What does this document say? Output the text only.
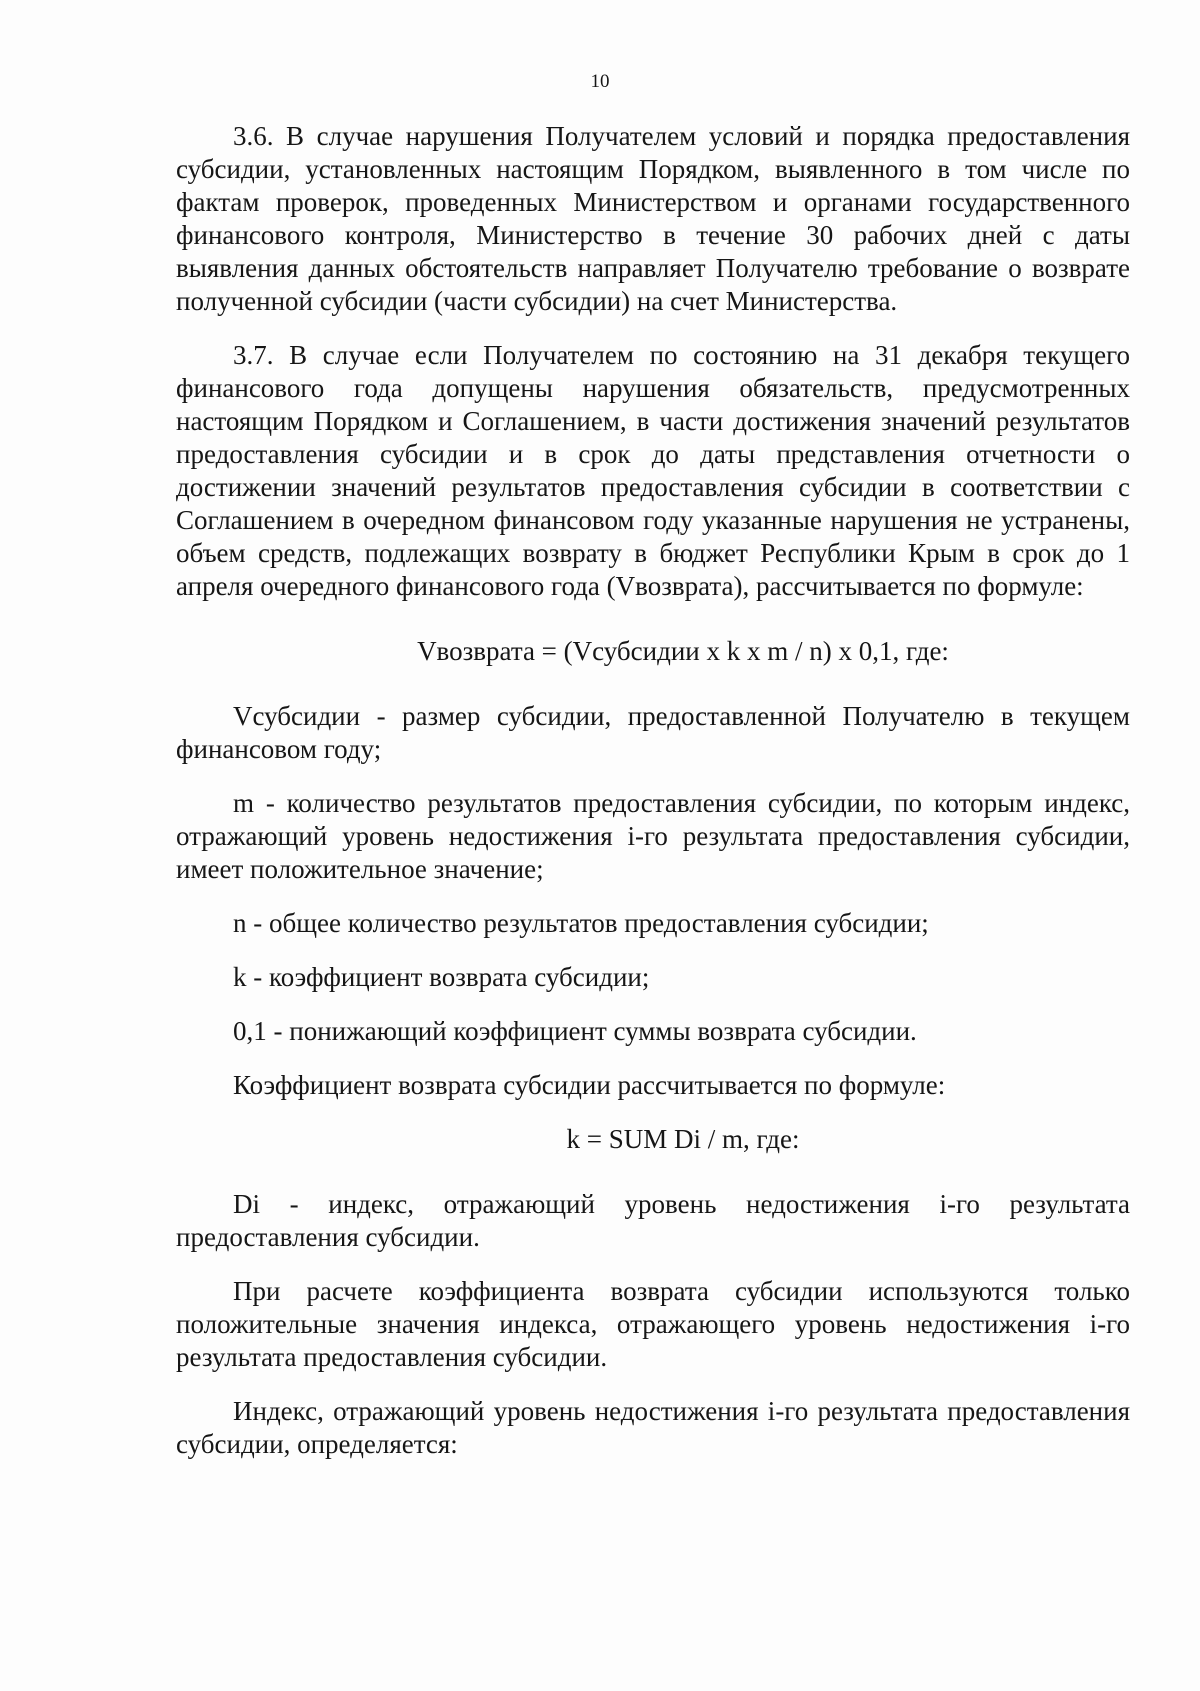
10

3.6. В случае нарушения Получателем условий и порядка предоставления субсидии, установленных настоящим Порядком, выявленного в том числе по фактам проверок, проведенных Министерством и органами государственного финансового контроля, Министерство в течение 30 рабочих дней с даты выявления данных обстоятельств направляет Получателю требование о возврате полученной субсидии (части субсидии) на счет Министерства.

3.7. В случае если Получателем по состоянию на 31 декабря текущего финансового года допущены нарушения обязательств, предусмотренных настоящим Порядком и Соглашением, в части достижения значений результатов предоставления субсидии и в срок до даты представления отчетности о достижении значений результатов предоставления субсидии в соответствии с Соглашением в очередном финансовом году указанные нарушения не устранены, объем средств, подлежащих возврату в бюджет Республики Крым в срок до 1 апреля очередного финансового года (Vвозврата), рассчитывается по формуле:

Vвозврата = (Vсубсидии x k x m / n) x 0,1, где:

Vсубсидии - размер субсидии, предоставленной Получателю в текущем финансовом году;

m - количество результатов предоставления субсидии, по которым индекс, отражающий уровень недостижения i-го результата предоставления субсидии, имеет положительное значение;

n - общее количество результатов предоставления субсидии;

k - коэффициент возврата субсидии;

0,1 - понижающий коэффициент суммы возврата субсидии.

Коэффициент возврата субсидии рассчитывается по формуле:

k = SUM Di / m, где:

Di - индекс, отражающий уровень недостижения i-го результата предоставления субсидии.

При расчете коэффициента возврата субсидии используются только положительные значения индекса, отражающего уровень недостижения i-го результата предоставления субсидии.

Индекс, отражающий уровень недостижения i-го результата предоставления субсидии, определяется:
